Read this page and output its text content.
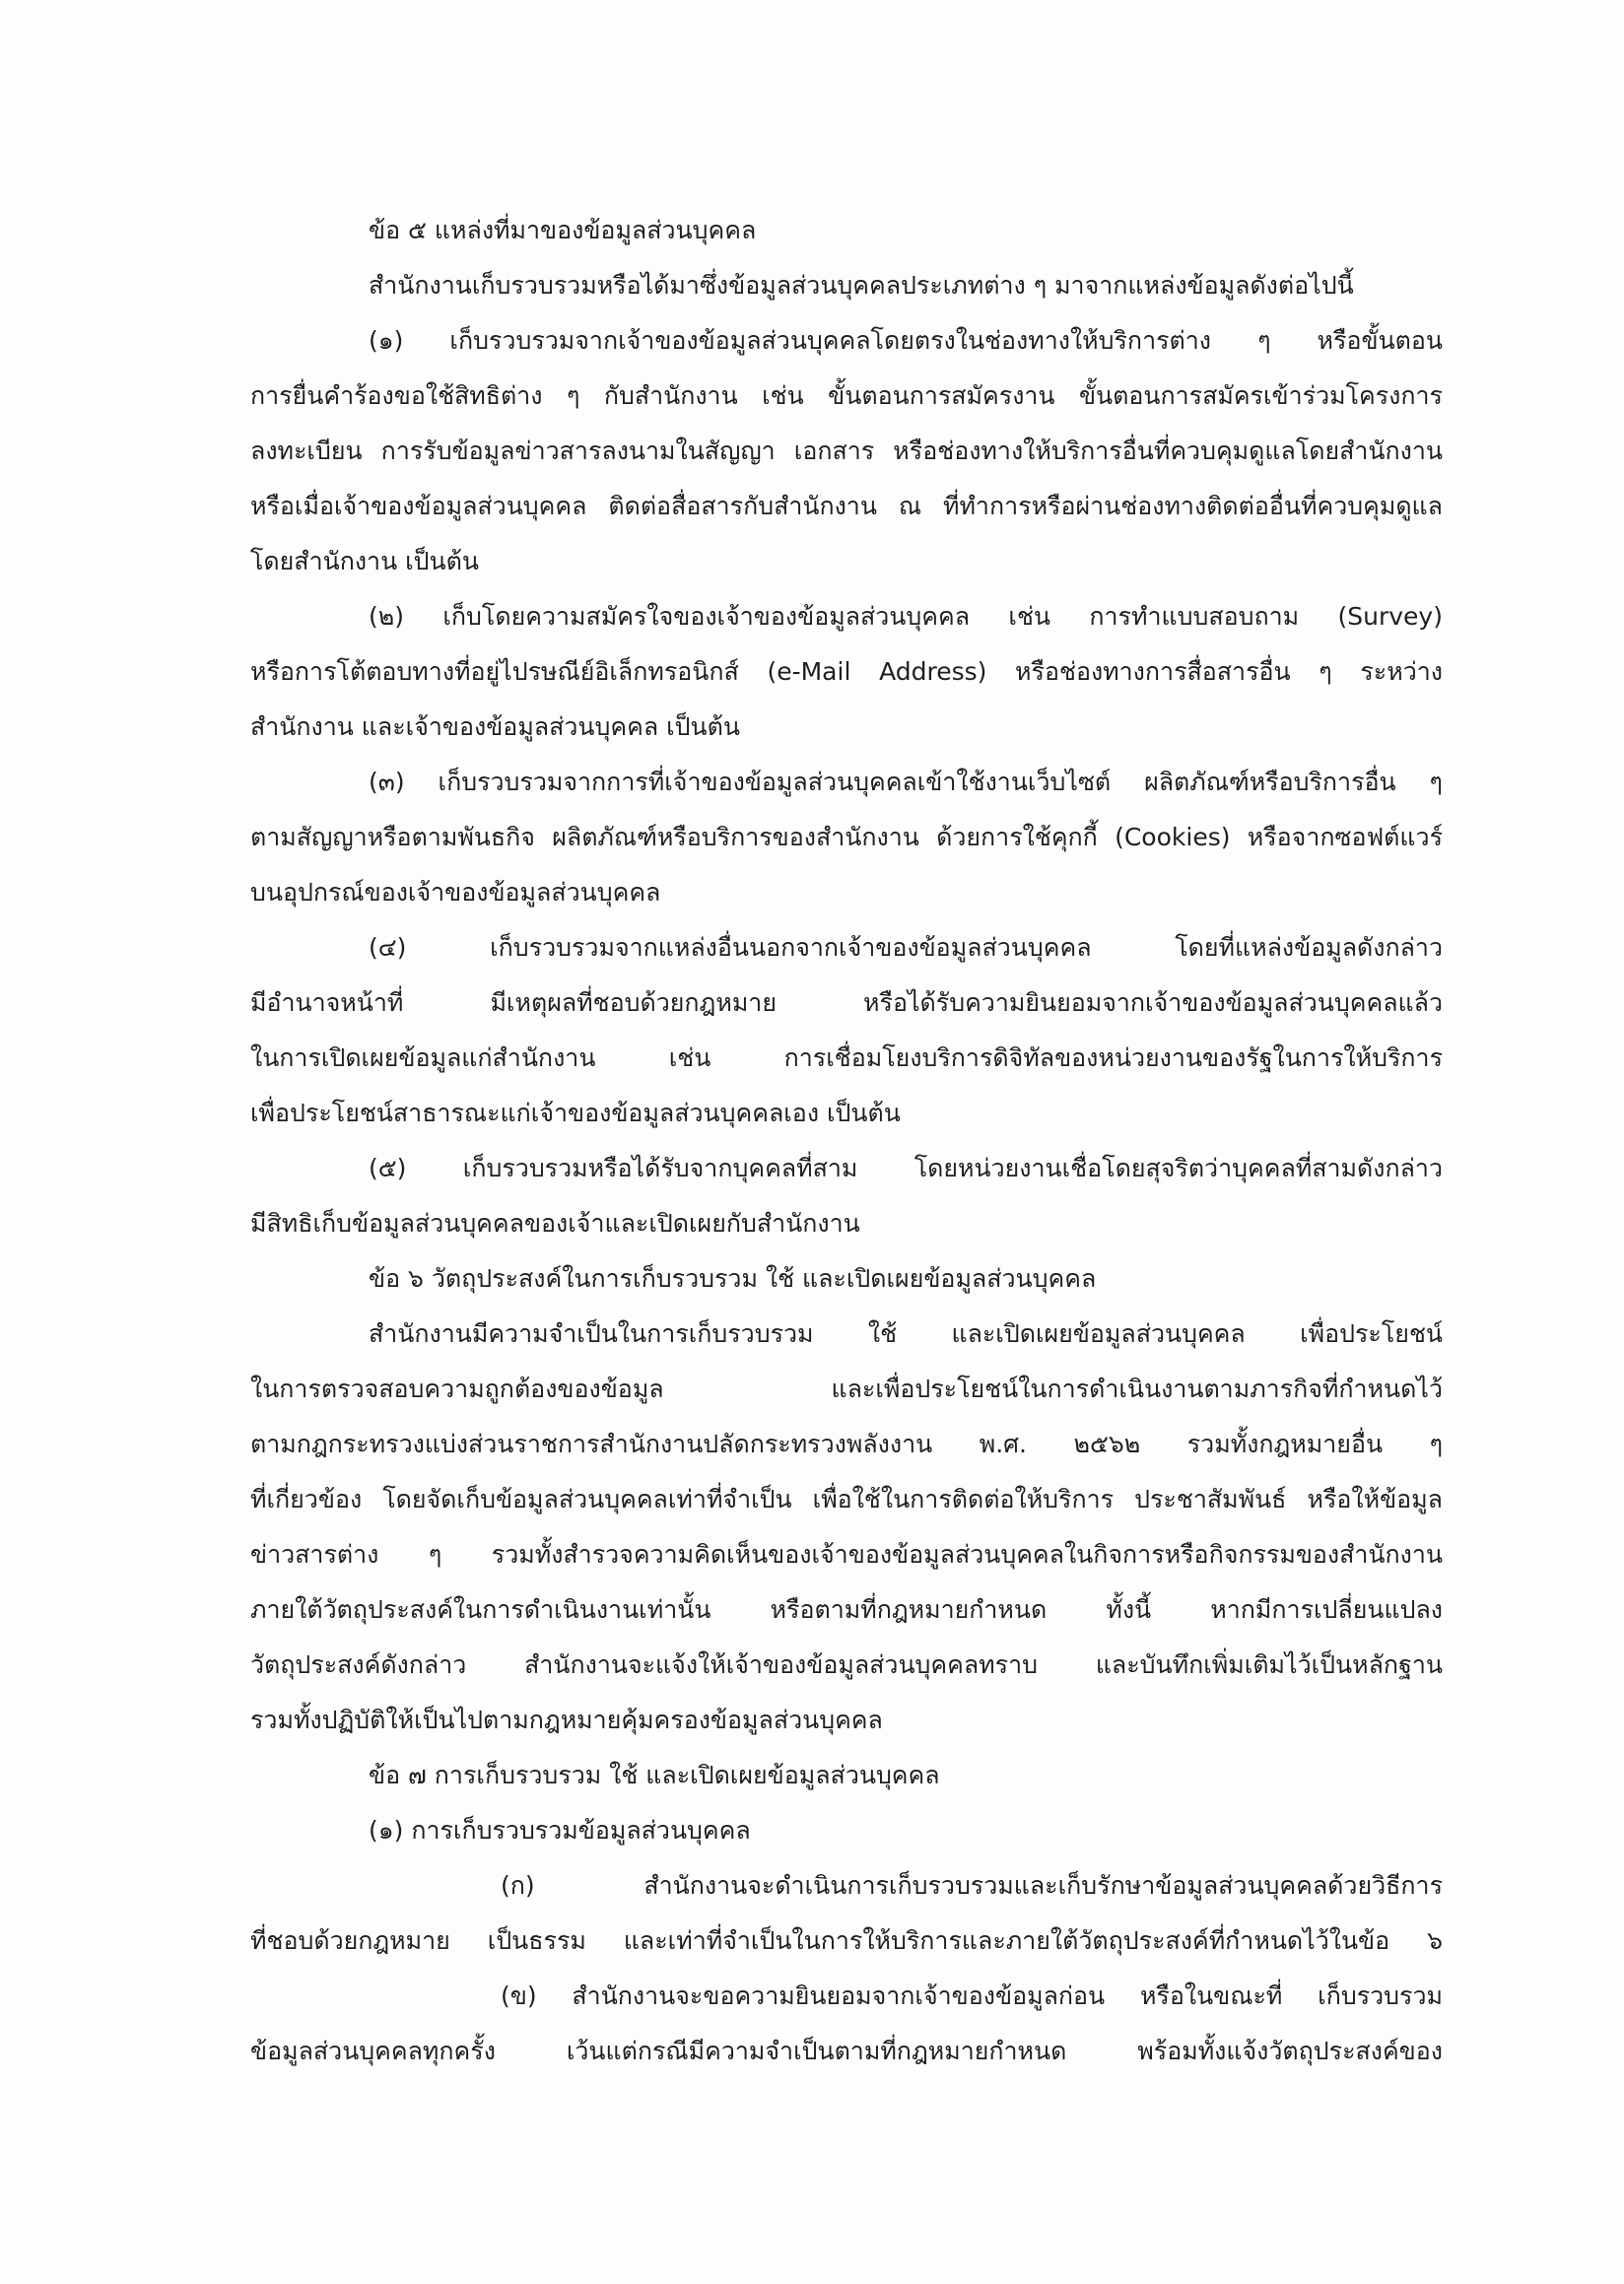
ข้อ ๕ แหล่งที่มาของข้อมูลส่วนบุคคล
สำนักงานเก็บรวบรวมหรือได้มาซึ่งข้อมูลส่วนบุคคลประเภทต่าง ๆ มาจากแหล่งข้อมูลดังต่อไปนี้
(๑) เก็บรวบรวมจากเจ้าของข้อมูลส่วนบุคคลโดยตรงในช่องทางให้บริการต่าง ๆ หรือขั้นตอน
การยื่นคำร้องขอใช้สิทธิต่าง ๆ กับสำนักงาน เช่น ขั้นตอนการสมัครงาน ขั้นตอนการสมัครเข้าร่วมโครงการ
ลงทะเบียน การรับข้อมูลข่าวสารลงนามในสัญญา เอกสาร หรือช่องทางให้บริการอื่นที่ควบคุมดูแลโดยสำนักงาน
หรือเมื่อเจ้าของข้อมูลส่วนบุคคล ติดต่อสื่อสารกับสำนักงาน ณ ที่ทำการหรือผ่านช่องทางติดต่ออื่นที่ควบคุมดูแล
โดยสำนักงาน เป็นต้น
(๒) เก็บโดยความสมัครใจของเจ้าของข้อมูลส่วนบุคคล เช่น การทำแบบสอบถาม (Survey)
หรือการโต้ตอบทางที่อยู่ไปรษณีย์อิเล็กทรอนิกส์ (e-Mail Address) หรือช่องทางการสื่อสารอื่น ๆ ระหว่าง
สำนักงาน และเจ้าของข้อมูลส่วนบุคคล เป็นต้น
(๓) เก็บรวบรวมจากการที่เจ้าของข้อมูลส่วนบุคคลเข้าใช้งานเว็บไซต์ ผลิตภัณฑ์หรือบริการอื่น ๆ
ตามสัญญาหรือตามพันธกิจ ผลิตภัณฑ์หรือบริการของสำนักงาน ด้วยการใช้คุกกี้ (Cookies) หรือจากซอฟต์แวร์
บนอุปกรณ์ของเจ้าของข้อมูลส่วนบุคคล
(๔) เก็บรวบรวมจากแหล่งอื่นนอกจากเจ้าของข้อมูลส่วนบุคคล โดยที่แหล่งข้อมูลดังกล่าว
มีอำนาจหน้าที่ มีเหตุผลที่ชอบด้วยกฎหมาย หรือได้รับความยินยอมจากเจ้าของข้อมูลส่วนบุคคลแล้ว
ในการเปิดเผยข้อมูลแก่สำนักงาน เช่น การเชื่อมโยงบริการดิจิทัลของหน่วยงานของรัฐในการให้บริการ
เพื่อประโยชน์สาธารณะแก่เจ้าของข้อมูลส่วนบุคคลเอง เป็นต้น
(๕) เก็บรวบรวมหรือได้รับจากบุคคลที่สาม โดยหน่วยงานเชื่อโดยสุจริตว่าบุคคลที่สามดังกล่าว
มีสิทธิเก็บข้อมูลส่วนบุคคลของเจ้าและเปิดเผยกับสำนักงาน
ข้อ ๖ วัตถุประสงค์ในการเก็บรวบรวม ใช้ และเปิดเผยข้อมูลส่วนบุคคล
สำนักงานมีความจำเป็นในการเก็บรวบรวม ใช้ และเปิดเผยข้อมูลส่วนบุคคล เพื่อประโยชน์
ในการตรวจสอบความถูกต้องของข้อมูล และเพื่อประโยชน์ในการดำเนินงานตามภารกิจที่กำหนดไว้
ตามกฎกระทรวงแบ่งส่วนราชการสำนักงานปลัดกระทรวงพลังงาน พ.ศ. ๒๕๖๒ รวมทั้งกฎหมายอื่น ๆ
ที่เกี่ยวข้อง โดยจัดเก็บข้อมูลส่วนบุคคลเท่าที่จำเป็น เพื่อใช้ในการติดต่อให้บริการ ประชาสัมพันธ์ หรือให้ข้อมูล
ข่าวสารต่าง ๆ รวมทั้งสำรวจความคิดเห็นของเจ้าของข้อมูลส่วนบุคคลในกิจการหรือกิจกรรมของสำนักงาน
ภายใต้วัตถุประสงค์ในการดำเนินงานเท่านั้น หรือตามที่กฎหมายกำหนด ทั้งนี้ หากมีการเปลี่ยนแปลง
วัตถุประสงค์ดังกล่าว สำนักงานจะแจ้งให้เจ้าของข้อมูลส่วนบุคคลทราบ และบันทึกเพิ่มเติมไว้เป็นหลักฐาน
รวมทั้งปฏิบัติให้เป็นไปตามกฎหมายคุ้มครองข้อมูลส่วนบุคคล
ข้อ ๗ การเก็บรวบรวม ใช้ และเปิดเผยข้อมูลส่วนบุคคล
(๑) การเก็บรวบรวมข้อมูลส่วนบุคคล
(ก) สำนักงานจะดำเนินการเก็บรวบรวมและเก็บรักษาข้อมูลส่วนบุคคลด้วยวิธีการ
ที่ชอบด้วยกฎหมาย เป็นธรรม และเท่าที่จำเป็นในการให้บริการและภายใต้วัตถุประสงค์ที่กำหนดไว้ในข้อ ๖
(ข) สำนักงานจะขอความยินยอมจากเจ้าของข้อมูลก่อน หรือในขณะที่ เก็บรวบรวม
ข้อมูลส่วนบุคคลทุกครั้ง เว้นแต่กรณีมีความจำเป็นตามที่กฎหมายกำหนด พร้อมทั้งแจ้งวัตถุประสงค์ของ
